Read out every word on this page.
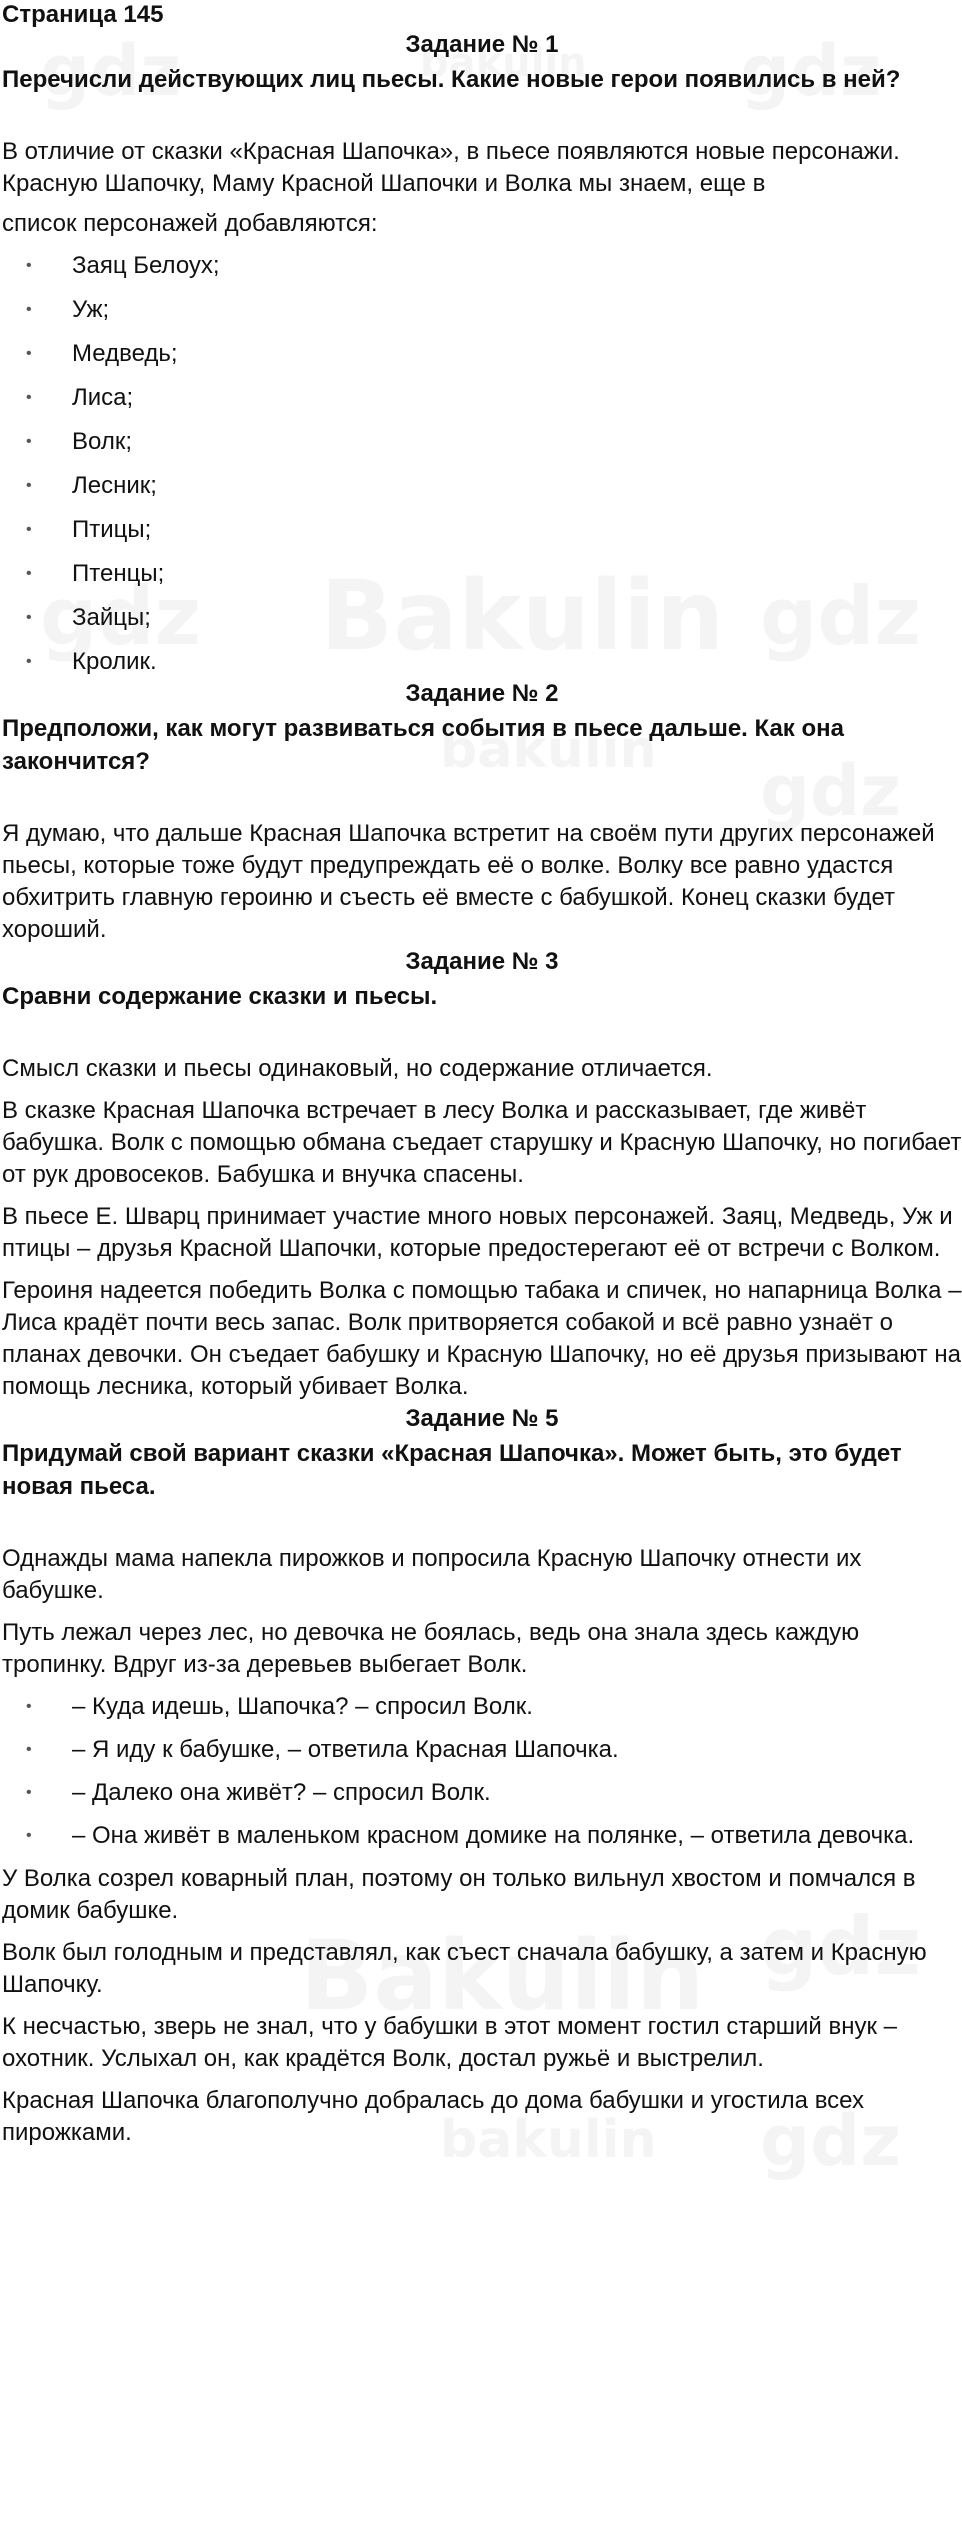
Страница 145
Задание № 1
Перечисли действующих лиц пьесы. Какие новые герои появились в ней?

В отличие от сказки «Красная Шапочка», в пьесе появляются новые персонажи. Красную Шапочку, Маму Красной Шапочки и Волка мы знаем, еще в

список персонажей добавляются:

• Заяц Белоух;
• Уж;
• Медведь;
• Лиса;
• Волк;
• Лесник;
• Птицы;
• Птенцы;
• Зайцы;
• Кролик.
Задание № 2
Предположи, как могут развиваться события в пьесе дальше. Как она закончится?

Я думаю, что дальше Красная Шапочка встретит на своём пути других персонажей пьесы, которые тоже будут предупреждать её о волке. Волку все равно удастся обхитрить главную героиню и съесть её вместе с бабушкой. Конец сказки будет хороший.

Задание № 3
Сравни содержание сказки и пьесы.

Смысл сказки и пьесы одинаковый, но содержание отличается.

В сказке Красная Шапочка встречает в лесу Волка и рассказывает, где живёт бабушка. Волк с помощью обмана съедает старушку и Красную Шапочку, но погибает от рук дровосеков. Бабушка и внучка спасены.

В пьесе Е. Шварц принимает участие много новых персонажей. Заяц, Медведь, Уж и птицы – друзья Красной Шапочки, которые предостерегают её от встречи с Волком.

Героиня надеется победить Волка с помощью табака и спичек, но напарница Волка – Лиса крадёт почти весь запас. Волк притворяется собакой и всё равно узнаёт о планах девочки. Он съедает бабушку и Красную Шапочку, но её друзья призывают на помощь лесника, который убивает Волка.

Задание № 5
Придумай свой вариант сказки «Красная Шапочка». Может быть, это будет новая пьеса.

Однажды мама напекла пирожков и попросила Красную Шапочку отнести их бабушке.

Путь лежал через лес, но девочка не боялась, ведь она знала здесь каждую тропинку. Вдруг из-за деревьев выбегает Волк.

• – Куда идешь, Шапочка? – спросил Волк.
• – Я иду к бабушке, – ответила Красная Шапочка.
• – Далеко она живёт? – спросил Волк.
• – Она живёт в маленьком красном домике на полянке, – ответила девочка.

У Волка созрел коварный план, поэтому он только вильнул хвостом и помчался в домик бабушке.

Волк был голодным и представлял, как съест сначала бабушку, а затем и Красную Шапочку.

К несчастью, зверь не знал, что у бабушки в этот момент гостил старший внук – охотник. Услыхал он, как крадётся Волк, достал ружьё и выстрелил.

Красная Шапочка благополучно добралась до дома бабушки и угостила всех пирожками.
